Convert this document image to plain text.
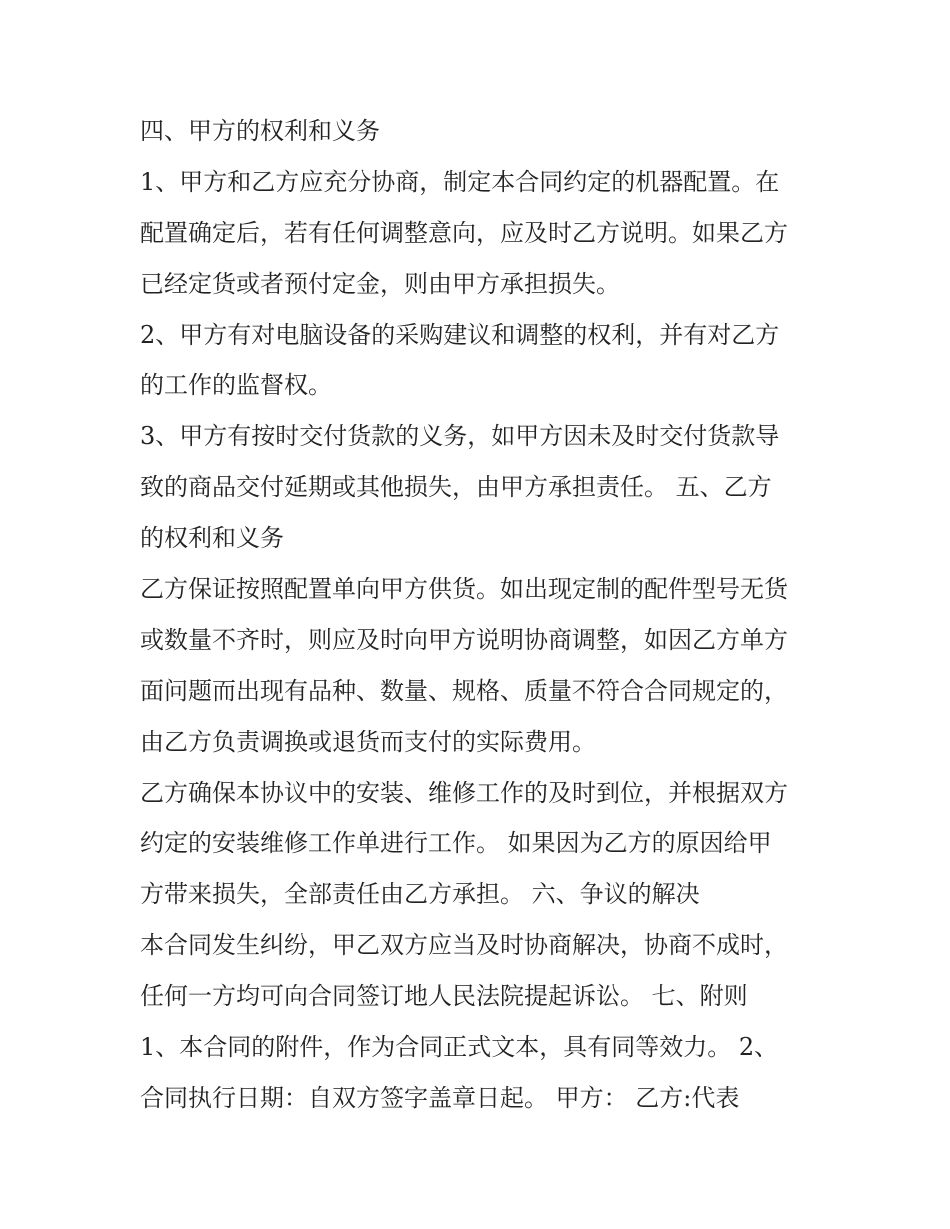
四、甲方的权利和义务
1、甲方和乙方应充分协商，制定本合同约定的机器配置。在
配置确定后，若有任何调整意向，应及时乙方说明。如果乙方
已经定货或者预付定金，则由甲方承担损失。
2、甲方有对电脑设备的采购建议和调整的权利，并有对乙方
的工作的监督权。
3、甲方有按时交付货款的义务，如甲方因未及时交付货款导
致的商品交付延期或其他损失，由甲方承担责任。 五、乙方
的权利和义务
乙方保证按照配置单向甲方供货。如出现定制的配件型号无货
或数量不齐时，则应及时向甲方说明协商调整，如因乙方单方
面问题而出现有品种、数量、规格、质量不符合合同规定的，
由乙方负责调换或退货而支付的实际费用。
乙方确保本协议中的安装、维修工作的及时到位，并根据双方
约定的安装维修工作单进行工作。 如果因为乙方的原因给甲
方带来损失，全部责任由乙方承担。 六、争议的解决
本合同发生纠纷，甲乙双方应当及时协商解决，协商不成时，
任何一方均可向合同签订地人民法院提起诉讼。 七、附则
1、本合同的附件，作为合同正式文本，具有同等效力。 2、
合同执行日期：自双方签字盖章日起。 甲方： 乙方:代表
